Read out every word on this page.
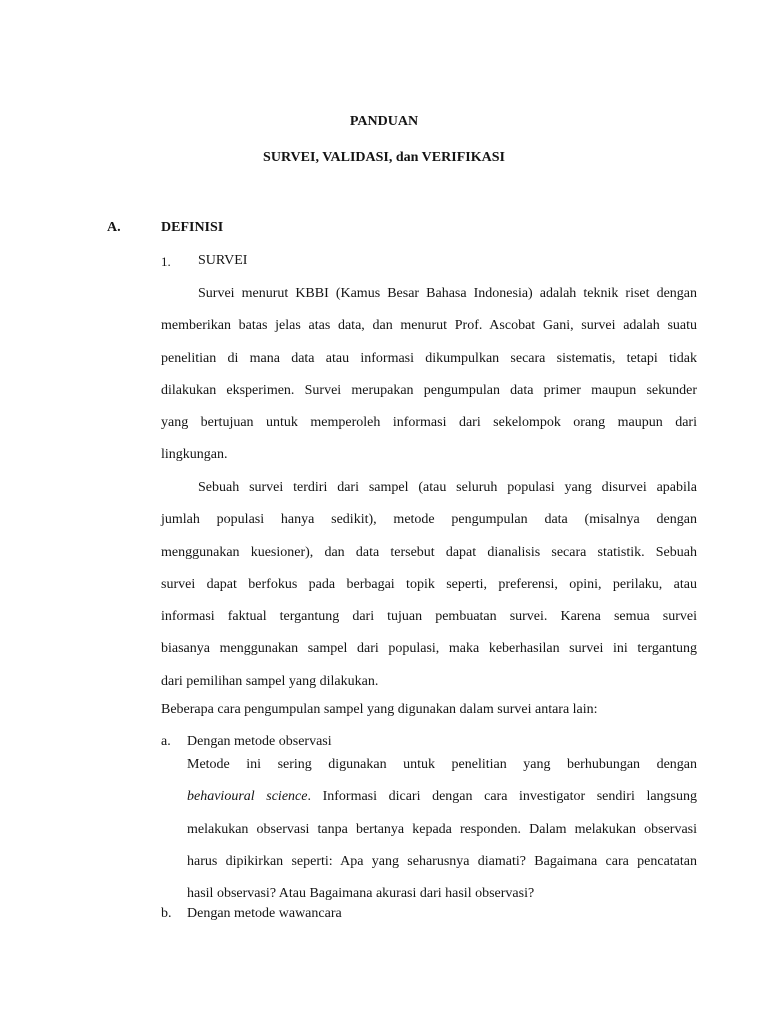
PANDUAN
SURVEI, VALIDASI, dan VERIFIKASI
A.	DEFINISI
1. SURVEI
Survei menurut KBBI (Kamus Besar Bahasa Indonesia) adalah teknik riset dengan
memberikan batas jelas atas data, dan menurut Prof. Ascobat Gani, survei adalah suatu
penelitian di mana data atau informasi dikumpulkan secara sistematis, tetapi tidak
dilakukan eksperimen. Survei merupakan pengumpulan data primer maupun sekunder
yang bertujuan untuk memperoleh informasi dari sekelompok orang maupun dari
lingkungan.
Sebuah survei terdiri dari sampel (atau seluruh populasi yang disurvei apabila
jumlah populasi hanya sedikit), metode pengumpulan data (misalnya dengan
menggunakan kuesioner), dan data tersebut dapat dianalisis secara statistik. Sebuah
survei dapat berfokus pada berbagai topik seperti, preferensi, opini, perilaku, atau
informasi faktual tergantung dari tujuan pembuatan survei. Karena semua survei
biasanya menggunakan sampel dari populasi, maka keberhasilan survei ini tergantung
dari pemilihan sampel yang dilakukan.
Beberapa cara pengumpulan sampel yang digunakan dalam survei antara lain:
a. Dengan metode observasi
Metode ini sering digunakan untuk penelitian yang berhubungan dengan
behavioural science. Informasi dicari dengan cara investigator sendiri langsung
melakukan observasi tanpa bertanya kepada responden. Dalam melakukan observasi
harus dipikirkan seperti: Apa yang seharusnya diamati? Bagaimana cara pencatatan
hasil observasi? Atau Bagaimana akurasi dari hasil observasi?
b. Dengan metode wawancara
